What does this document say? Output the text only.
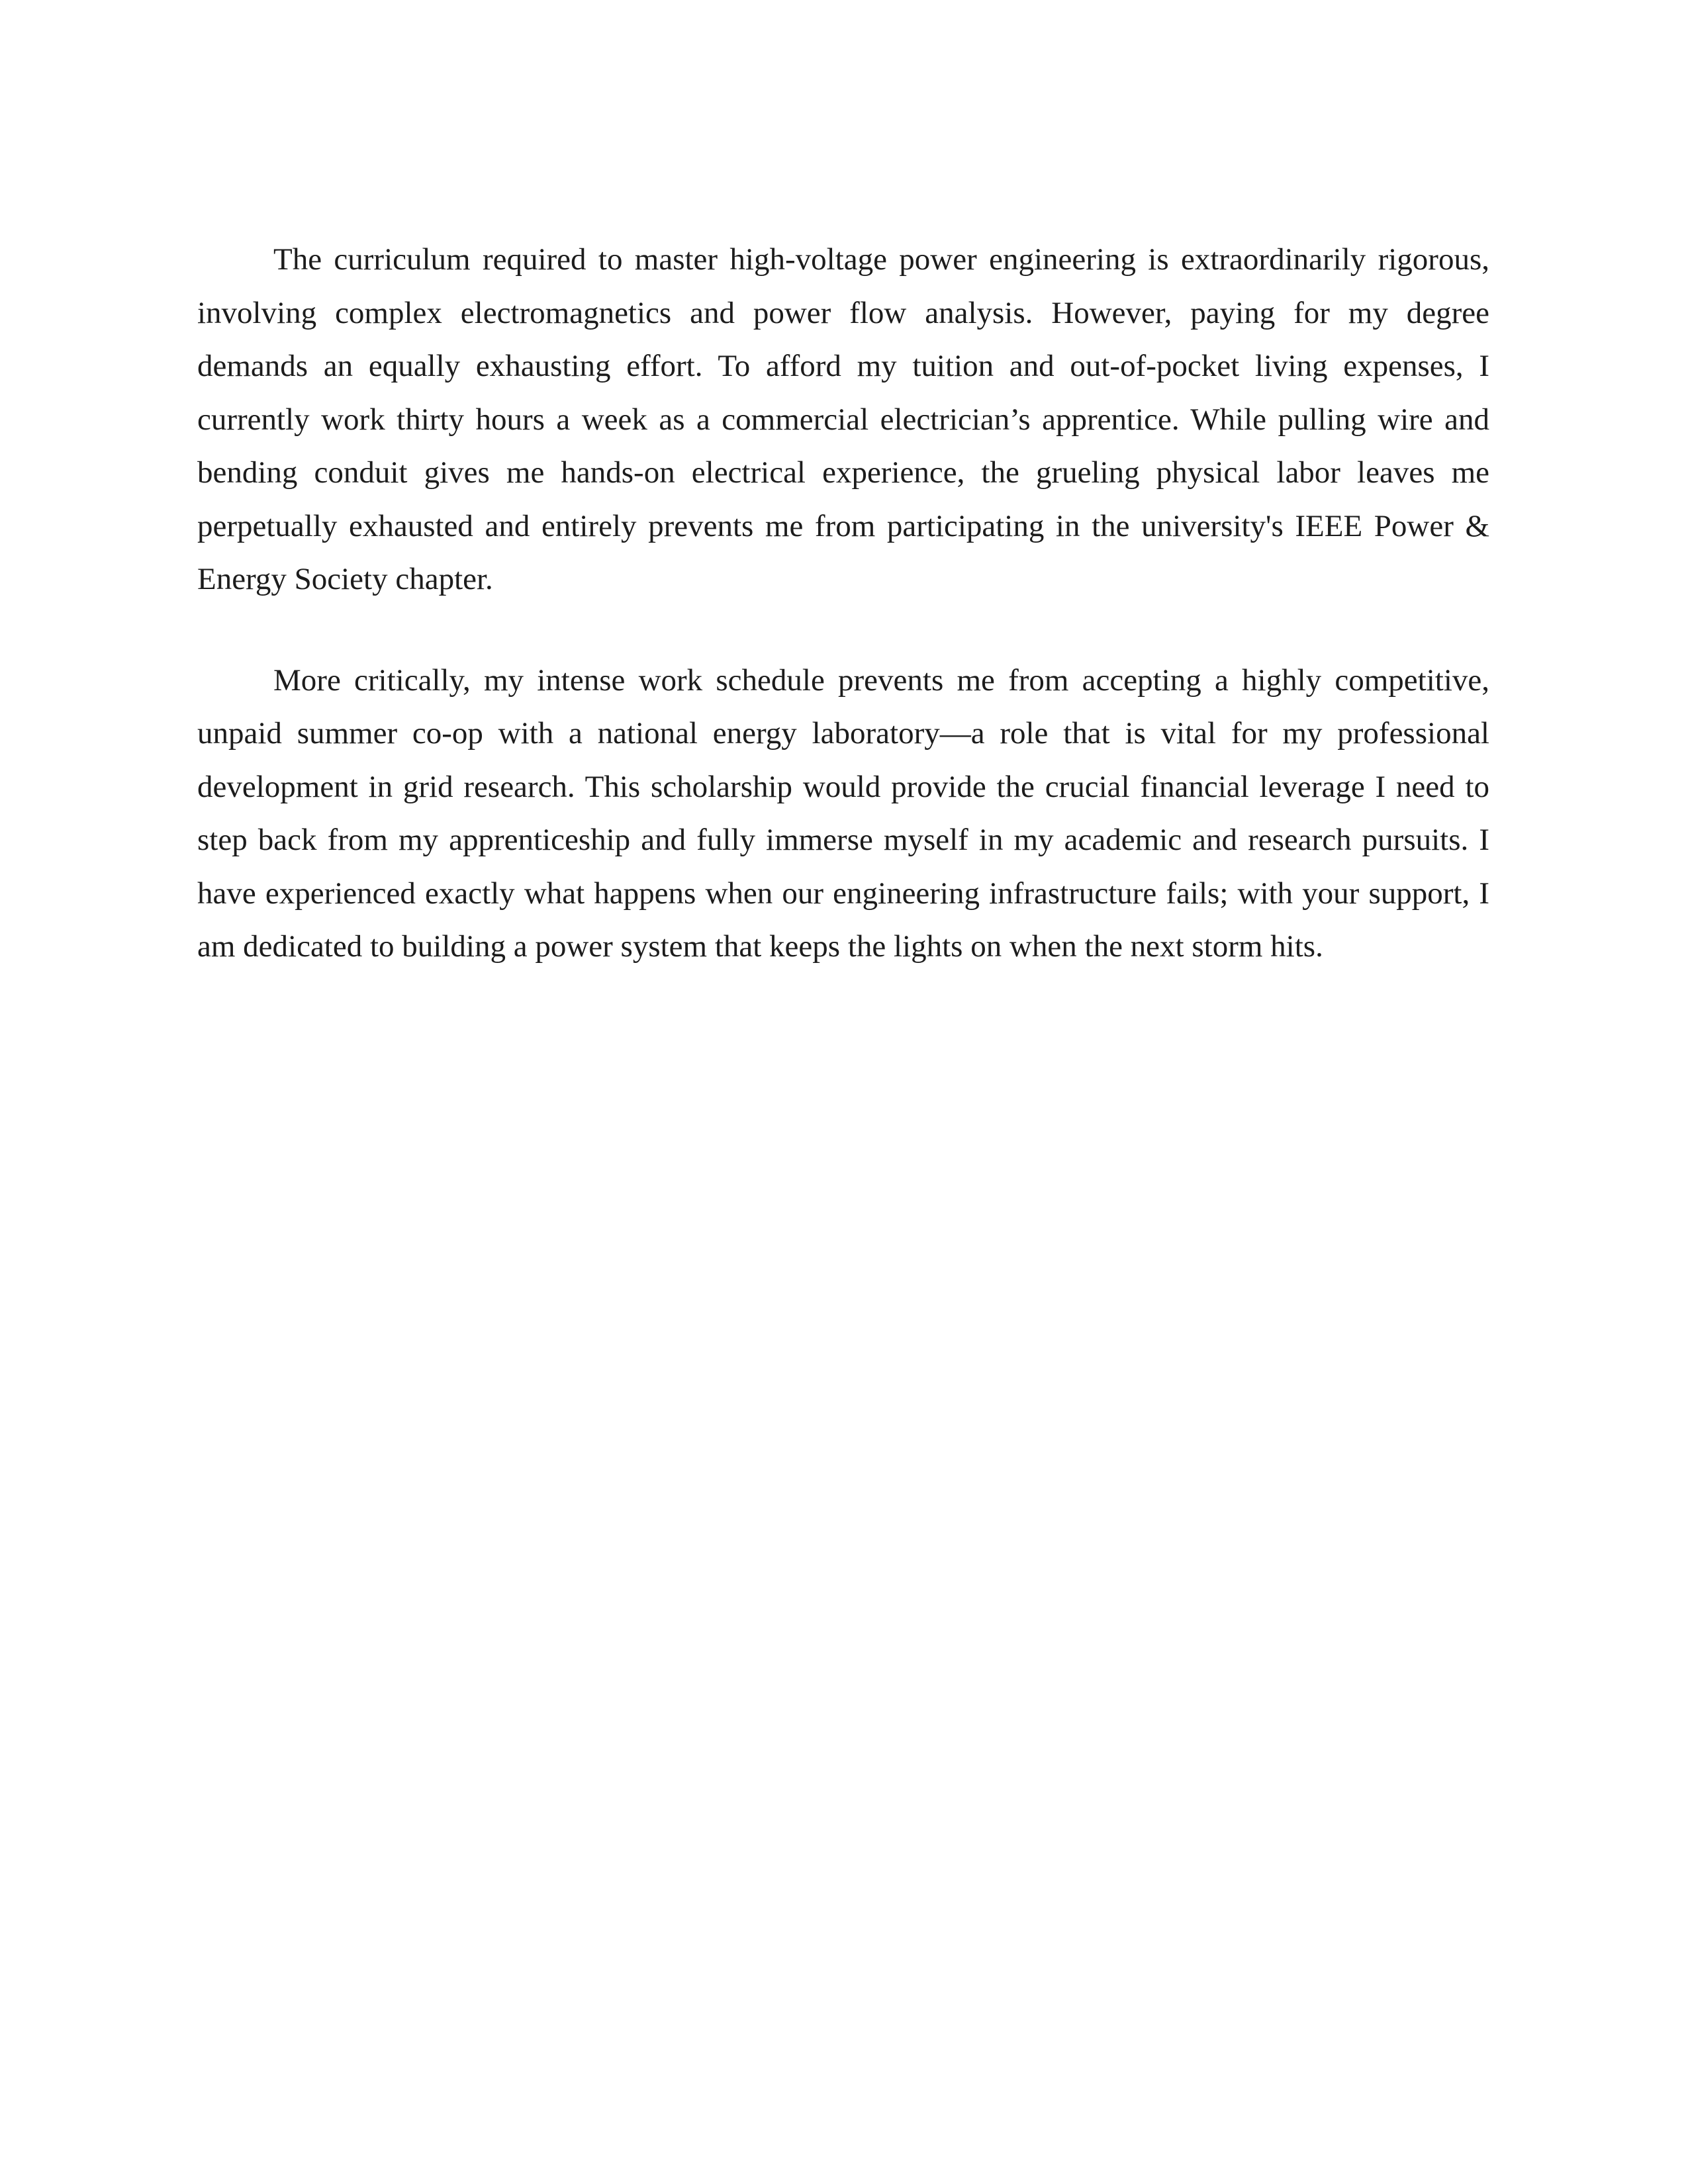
The curriculum required to master high-voltage power engineering is extraordinarily rigorous, involving complex electromagnetics and power flow analysis. However, paying for my degree demands an equally exhausting effort. To afford my tuition and out-of-pocket living expenses, I currently work thirty hours a week as a commercial electrician’s apprentice. While pulling wire and bending conduit gives me hands-on electrical experience, the grueling physical labor leaves me perpetually exhausted and entirely prevents me from participating in the university's IEEE Power & Energy Society chapter.

More critically, my intense work schedule prevents me from accepting a highly competitive, unpaid summer co-op with a national energy laboratory—a role that is vital for my professional development in grid research. This scholarship would provide the crucial financial leverage I need to step back from my apprenticeship and fully immerse myself in my academic and research pursuits. I have experienced exactly what happens when our engineering infrastructure fails; with your support, I am dedicated to building a power system that keeps the lights on when the next storm hits.
